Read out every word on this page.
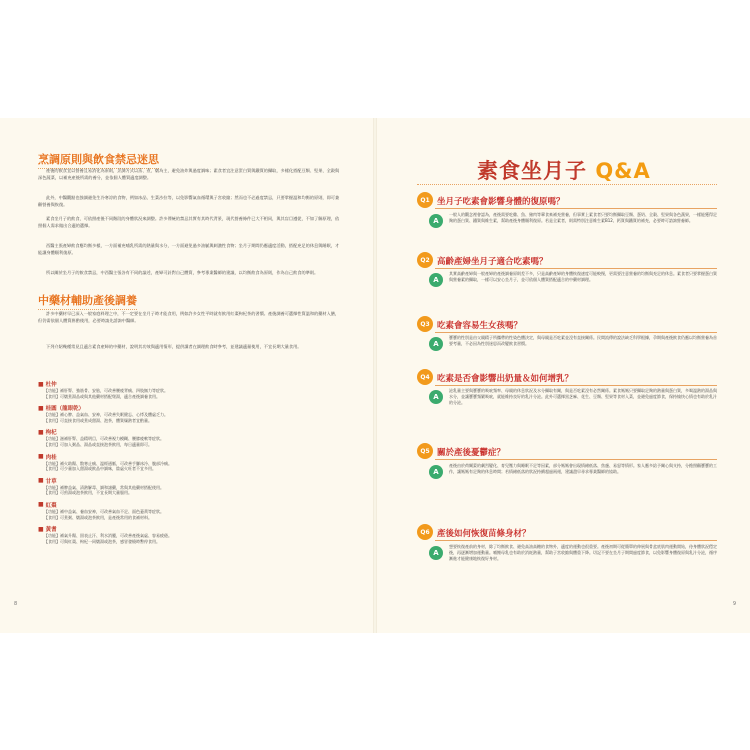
烹調原則與飲食禁忌迷思
產後的飲食宜以營養且易消化為原則，烹調方式以蒸、煮、燉為主，避免油炸與過度調味；素食者宜注意蛋白質與鐵質的攝取，多樣化搭配豆類、堅果、全穀與深色蔬菜，以補充產後所需的養分，並依個人體質適度調整。
此外，中醫觀點也強調避免生冷寒涼的食物，例如冰品、生菜沙拉等，以免影響氣血循環與子宮收縮；然而也不必過度禁忌，只要掌握溫和均衡的原則，即可兼顧營養與恢復。
素食坐月子的飲食，可依照產後不同階段的身體狀況來調整。許多傳統的禁忌其實有其時代背景，現代營養條件已大不相同，與其盲目遵從，不如了解原理，依照個人需求做出合適的選擇。
西醫主張產婦飲食應均衡多樣，一方面補充哺乳所需的熱量與水分，一方面避免過多油膩與刺激性食物；坐月子期間仍應適度活動，搭配充足的休息與睡眠，才能讓身體順利復原。
所以關於坐月子的飲食禁忌，中西醫主張各有不同的論述，產婦可針對自己體質，參考專業醫師的建議，以均衡飲食為原則，作為自己飲食的準則。
中藥材輔助產後調養
許多中藥材早已深入一般家庭料理之中，不一定要在坐月子時才能食用，例如許多女性平時就有飲用紅棗枸杞茶的習慣。產後調養可選擇性質溫和的藥材入膳，但仍需依個人體質斟酌使用，必要時請先諮詢中醫師。
下列介紹幾種常見且適合素食產婦的中藥材，說明其功效與適用情形，提供讀者在調理飲食時參考，並建議適量使用，不宜長期大量食用。
■ 杜仲
【功能】補肝腎、強筋骨、安胎，可改善腰痠背痛、四肢無力等症狀。
【食用】可燉煮湯品或與其他藥材搭配煲湯，適合產後調養食用。
■ 桂圓（龍眼乾）
【功能】補心脾、益氣血、安神，可改善失眠健忘、心悸及體虛乏力。
【食用】可直接食用或煮成甜湯、泡茶，體質燥熱者宜酌量。
■ 枸杞
【功能】滋補肝腎、益精明目，可改善視力模糊、腰膝痠軟等症狀。
【食用】可加入粥品、湯品或直接泡茶飲用，每日適量即可。
■ 肉桂
【功能】補火助陽、散寒止痛、溫經通脈，可改善手腳冰冷、腹部冷痛。
【食用】可少量加入甜湯或飲品中調味，陰虛火旺者不宜多用。
■ 甘草
【功能】補脾益氣、清熱解毒、調和諸藥，常與其他藥材搭配使用。
【食用】可煎湯或泡茶飲用，不宜長期大量服用。
■ 紅棗
【功能】補中益氣、養血安神，可改善氣血不足、面色萎黃等症狀。
【食用】可煮粥、燉湯或泡茶飲用，是產後常用的食補材料。
■ 黃耆
【功能】補氣升陽、固表止汗、利水消腫，可改善產後氣虛、容易疲倦。
【食用】可與紅棗、枸杞一同燉湯或泡茶，感冒發燒時暫停食用。
8
素食坐月子 Q&A
Q1 坐月子吃素會影響身體的復原嗎？
A
一般人的觀念裡會認為，產後需要吃雞、魚、豬肉等葷食來補充營養，但事實上素食者只要均衡攝取豆類、蛋奶、全穀、堅果與各色蔬果，一樣能獲得足夠的蛋白質、鐵質與維生素，幫助產後身體順利復原。若是全素者，則需特別注意維生素B12、鈣質與鐵質的補充，必要時可諮詢營養師。
Q2 高齡產婦坐月子適合吃素嗎？
A
其實高齡產婦與一般產婦的產後調養原則差不多，只是高齡產婦的身體恢復速度可能較慢，更需要注意營養的均衡與充足的休息。素食者只要掌握蛋白質與營養素的攝取，一樣可以安心坐月子，並可依個人體質搭配適合的中藥材調理。
Q3 吃素會容易生女孩嗎？
A
寶寶的性別是由父親精子所攜帶的性染色體決定，與母親是否吃素並沒有直接關係。民間流傳的說法缺乏科學根據，孕期與產後飲食仍應以均衡營養為首要考量，不必因為性別迷思而改變飲食習慣。
Q4 吃素是否會影響出奶量＆如何增乳？
A
泌乳量主要與寶寶的吸吮頻率、母親的休息狀況及水分攝取有關，與是否吃素沒有必然關係。素食媽媽只要攝取足夠的熱量與蛋白質，多喝溫熱的湯品與水分，並讓寶寶頻繁吸吮，就能維持良好的乳汁分泌。此外可選擇黑芝麻、花生、豆類、堅果等食材入菜，並避免過度節食，保持愉快心情也有助於乳汁的分泌。
Q5 關於產後憂鬱症？
A
產後由於荷爾蒙的劇烈變化、育兒壓力與睡眠不足等因素，部分媽媽會出現情緒低落、焦慮、易怒等情形。家人應多給予關心與支持，分擔照顧寶寶的工作，讓媽媽有足夠的休息時間；若情緒低落的狀況持續超過兩週，建議盡早尋求專業醫師的協助。
Q6 產後如何恢復苗條身材？
A
想要恢復產前的身材，除了均衡飲食、避免高油高糖的食物外，適度的運動也很重要。產後初期可從簡單的伸展與骨盆底肌肉運動開始，待身體狀況穩定後，再逐漸增加運動量。哺餵母乳也有助於消耗熱量，幫助子宮收縮與體重下降。切記不要在坐月子期間過度節食，以免影響身體復原與乳汁分泌，循序漸進才能健康地恢復好身材。
9
